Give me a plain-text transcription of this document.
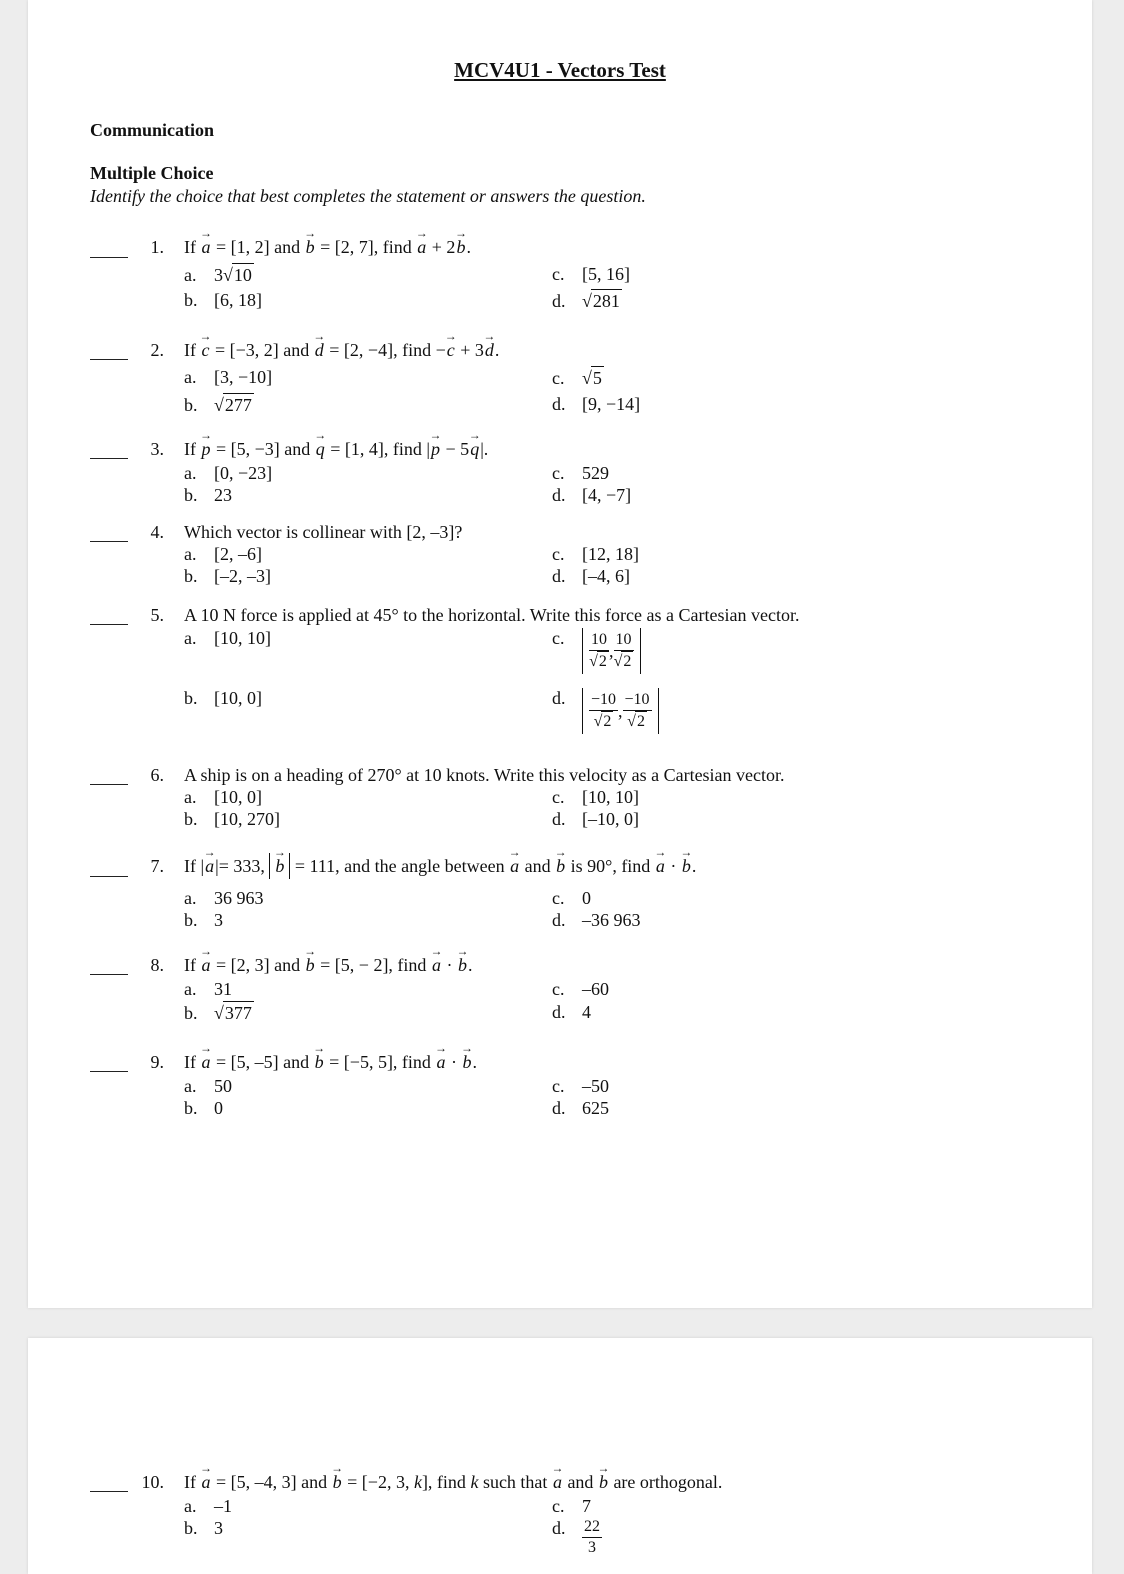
MCV4U1 - Vectors Test
Communication
Multiple Choice
Identify the choice that best completes the statement or answers the question.
1. If a → = [1, 2] and b → = [2, 7], find a → + 2b →.
a. 3√10
b. [6, 18]
c. [5, 16]
d. √281
2. If c → = [−3, 2] and d → = [2, −4], find −c → + 3d →.
a. [3, −10]
b. √277
c. √5
d. [9, −14]
3. If p → = [5, −3] and q → = [1, 4], find |p → − 5q →|.
a. [0, −23]
b. 23
c. 529
d. [4, −7]
4. Which vector is collinear with [2, –3]?
a. [2, –6]
b. [–2, –3]
c. [12, 18]
d. [–4, 6]
5. A 10 N force is applied at 45° to the horizontal. Write this force as a Cartesian vector.
a. [10, 10]
b. [10, 0]
c. $\frac{10}{√2}$ , $\frac{10}{√2}$
d. $\frac{-10}{√2}$ , $\frac{-10}{√2}$
6. A ship is on a heading of 270° at 10 knots. Write this velocity as a Cartesian vector.
a. [10, 0]
b. [10, 270]
c. [10, 10]
d. [–10, 0]
7. If |a →|= 333, b → = 111, and the angle between a → and b → is 90°, find a → · b →.
a. 36 963
b. 3
c. 0
d. –36 963
8. If a → = [2, 3] and b → = [5, − 2], find a → · b →.
a. 31
b. √377
c. –60
d. 4
9. If a → = [5, –5] and b → = [−5, 5], find a → · b →.
a. 50
b. 0
c. –50
d. 625
10. If a → = [5, –4, 3] and b → = [−2, 3, k], find k such that a → and b → are orthogonal.
a. –1
b. 3
c. 7
d. $\frac{22}{3}$
